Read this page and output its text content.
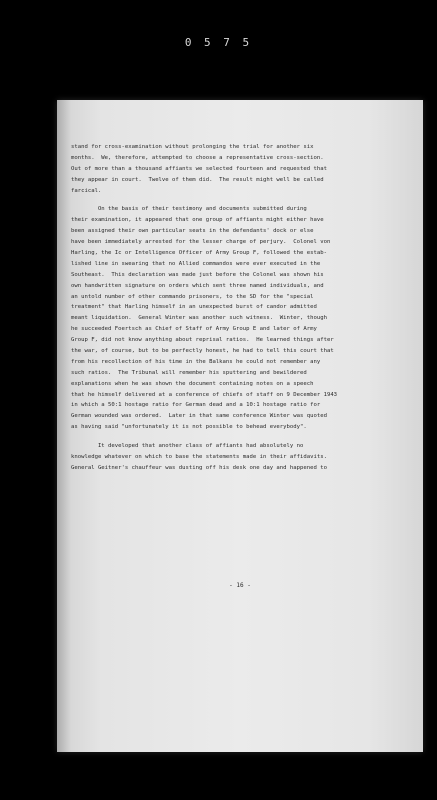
0 5 7 5
stand for cross-examination without prolonging the trial for another six
months.  We, therefore, attempted to choose a representative cross-section.
Out of more than a thousand affiants we selected fourteen and requested that
they appear in court.  Twelve of them did.  The result might well be called
farcical.
On the basis of their testimony and documents submitted during
their examination, it appeared that one group of affiants might either have
been assigned their own particular seats in the defendants' dock or else
have been immediately arrested for the lesser charge of perjury.  Colonel von
Harling, the Ic or Intelligence Officer of Army Group F, followed the estab-
lished line in swearing that no Allied commandos were ever executed in the
Southeast.  This declaration was made just before the Colonel was shown his
own handwritten signature on orders which sent three named individuals, and
an untold number of other commando prisoners, to the SD for the "special
treatment" that Harling himself in an unexpected burst of candor admitted
meant liquidation.  General Winter was another such witness.  Winter, though
he succeeded Foertsch as Chief of Staff of Army Group E and later of Army
Group F, did not know anything about reprisal ratios.  He learned things after
the war, of course, but to be perfectly honest, he had to tell this court that
from his recollection of his time in the Balkans he could not remember any
such ratios.  The Tribunal will remember his sputtering and bewildered
explanations when he was shown the document containing notes on a speech
that he himself delivered at a conference of chiefs of staff on 9 December 1943
in which a 50:1 hostage ratio for German dead and a 10:1 hostage ratio for
German wounded was ordered.  Later in that same conference Winter was quoted
as having said "unfortunately it is not possible to behead everybody".
It developed that another class of affiants had absolutely no
knowledge whatever on which to base the statements made in their affidavits.
General Geitner's chauffeur was dusting off his desk one day and happened to
- 16 -
